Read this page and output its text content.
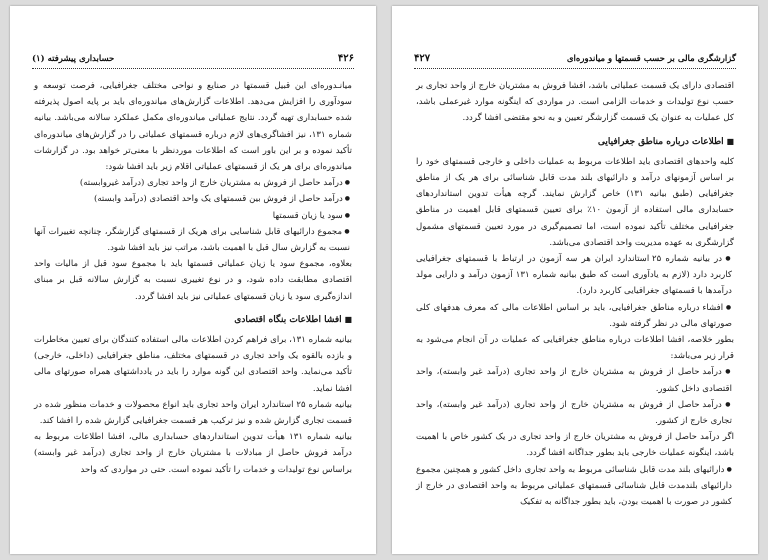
۴۲۶
حسابداری پیشرفته (۱)

میانـدوره‌ای این قبیل قسمتها در صنایع و نواحی مختلف جغرافیایی، فرصت توسعه و سودآوری را افزایش می‌دهد. اطلاعات گزارش‌های میاندوره‌ای باید بر پایه اصول پذیرفته شده حسابداری تهیه گردد. نتایج عملیاتی میاندوره‌ای مکمل عملکرد سالانه می‌باشد. بیانیه شماره ۱۳۱، نیز افشاگری‌های لازم درباره قسمتهای عملیاتی را در گزارش‌های میاندوره‌ای تأکید نموده و بر این باور است که اطلاعات موردنظر با معنی‌تر خواهد بود. در گزارشات میاندوره‌ای برای هر یک از قسمتهای عملیاتی اقلام زیر باید افشا شود:

● درآمد حاصل از فروش به مشتریان خارج از واحد تجاری (درآمد غیروابسته)

● درآمد حاصل از فروش بین قسمتهای یک واحد اقتصادی (درآمد وابسته)

● سود یا زیان قسمتها

● مجموع دارائیهای قابل شناسایی برای هریک از قسمتهای گزارشگر، چنانچه تغییرات آنها نسبت به گزارش سال قبل با اهمیت باشد، مراتب نیز باید افشا شود.

بعلاوه، مجموع سود یا زیان عملیاتی قسمتها باید با مجموع سود قبل از مالیات واحد اقتصادی مطابقت داده شود، و در نوع تغییری نسبت به گزارش سالانه قبل بر مبنای اندازه‌گیری سود یا زیان قسمتهای عملیاتی نیز باید افشا گردد.

■ افشا اطلاعات بنگاه اقتصادی

بیانیه شماره ۱۳۱، برای فراهم کردن اطلاعات مالی استفاده کنندگان برای تعیین مخاطرات و بازده بالقوه یک واحد تجاری در قسمتهای مختلف، مناطق جغرافیایی (داخلی، خارجی) تأکید می‌نماید. واحد اقتصادی این گونه موارد را باید در یادداشتهای همراه صورتهای مالی افشا نماید.

بیانیه شماره ۲۵ استاندارد ایران واحد تجاری باید انواع محصولات و خدمات منظور شده در قسمت تجاری گزارش شده و نیز ترکیب هر قسمت جغرافیایی گزارش شده را افشا کند.

بیانیه شماره ۱۳۱ هیأت تدوین استانداردهای حسابداری مالی، افشا اطلاعات مربوط به درآمد فروش حاصل از مبادلات با مشتریان خارج از واحد تجاری (درآمد غیر وابسته) براساس نوع تولیدات و خدمات را تأکید نموده است. حتی در مواردی که واحد

۴۲۷	گزارشگری مالی بر حسب قسمتها و میاندوره‌ای

اقتصادی دارای یک قسمت عملیاتی باشد، افشا فروش به مشتریان خارج از واحد تجاری بر حسب نوع تولیدات و خدمات الزامی است. در مواردی که اینگونه موارد غیرعملی باشد، کل عملیات به عنوان یک قسمت گزارشگر تعیین و به نحو مقتضی افشا گردد.

■ اطلاعات درباره مناطق جغرافیایی

کلیه واحدهای اقتصادی باید اطلاعات مربوط به عملیات داخلی و خارجی قسمتهای خود را بر اساس آزمونهای درآمد و دارائیهای بلند مدت قابل شناسائی برای هر یک از مناطق جغرافیایی (طبق بیانیه ۱۳۱) خاص گزارش نمایند. گرچه هیأت تدوین استانداردهای حسابداری مالی استفاده از آزمون ۱۰٪ برای تعیین قسمتهای قابل اهمیت در مناطق جغرافیایی مختلف تأکید نموده است، اما تصمیم‌گیری در مورد تعیین قسمتهای مشمول گزارشگری به عهده مدیریت واحد اقتصادی می‌باشد.

● در بیانیه شماره ۲۵ استاندارد ایران هر سه آزمون در ارتباط با قسمتهای جغرافیایی کاربرد دارد (لازم به یادآوری است که طبق بیانیه شماره ۱۳۱ آزمون درآمد و دارایی مولد درآمدها با قسمتهای جغرافیایی کاربرد دارد).

● افشاء درباره مناطق جغرافیایی، باید بر اساس اطلاعات مالی که معرف هدفهای کلی صورتهای مالی در نظر گرفته شود.

بطور خلاصه، افشا اطلاعات درباره مناطق جغرافیایی که عملیات در آن انجام می‌شود به قرار زیر می‌باشد:

● درآمد حاصل از فروش به مشتریان خارج از واحد تجاری (درآمد غیر وابسته)، واحد اقتصادی داخل کشور.

● درآمد حاصل از فروش به مشتریان خارج از واحد تجاری (درآمد غیر وابسته)، واحد تجاری خارج از کشور.

اگر درآمد حاصل از فروش به مشتریان خارج از واحد تجاری در یک کشور خاص با اهمیت باشد، اینگونه عملیات خارجی باید بطور جداگانه افشا گردد.

● دارائیهای بلند مدت قابل شناسائی مربوط به واحد تجاری داخل کشور و همچنین مجموع دارائیهای بلندمدت قابل شناسائی قسمتهای عملیاتی مربوط به واحد اقتصادی در خارج از کشور در صورت با اهمیت بودن، باید بطور جداگانه به تفکیک
